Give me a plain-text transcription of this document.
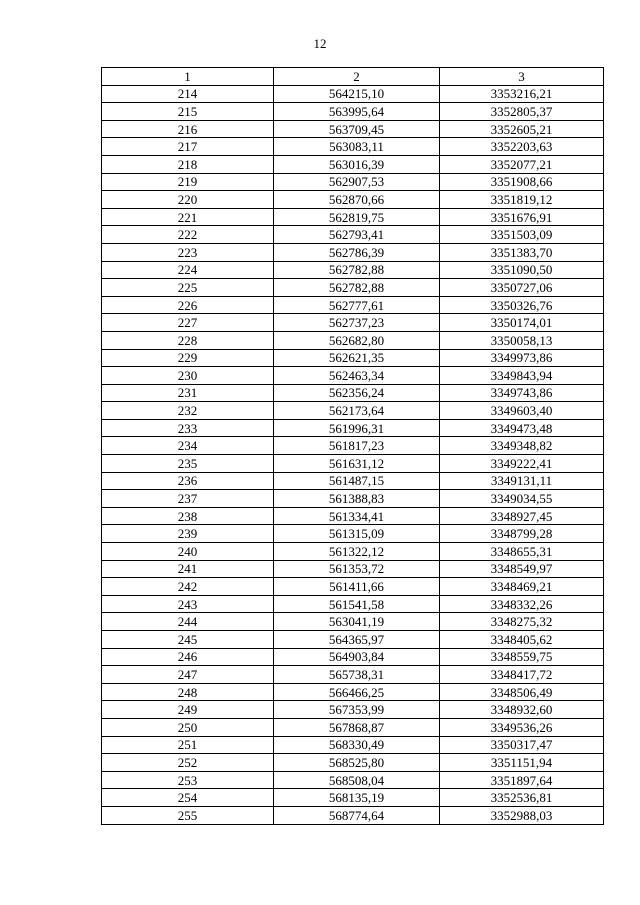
12
1	2	3
214	564215,10	3353216,21
215	563995,64	3352805,37
216	563709,45	3352605,21
217	563083,11	3352203,63
218	563016,39	3352077,21
219	562907,53	3351908,66
220	562870,66	3351819,12
221	562819,75	3351676,91
222	562793,41	3351503,09
223	562786,39	3351383,70
224	562782,88	3351090,50
225	562782,88	3350727,06
226	562777,61	3350326,76
227	562737,23	3350174,01
228	562682,80	3350058,13
229	562621,35	3349973,86
230	562463,34	3349843,94
231	562356,24	3349743,86
232	562173,64	3349603,40
233	561996,31	3349473,48
234	561817,23	3349348,82
235	561631,12	3349222,41
236	561487,15	3349131,11
237	561388,83	3349034,55
238	561334,41	3348927,45
239	561315,09	3348799,28
240	561322,12	3348655,31
241	561353,72	3348549,97
242	561411,66	3348469,21
243	561541,58	3348332,26
244	563041,19	3348275,32
245	564365,97	3348405,62
246	564903,84	3348559,75
247	565738,31	3348417,72
248	566466,25	3348506,49
249	567353,99	3348932,60
250	567868,87	3349536,26
251	568330,49	3350317,47
252	568525,80	3351151,94
253	568508,04	3351897,64
254	568135,19	3352536,81
255	568774,64	3352988,03
